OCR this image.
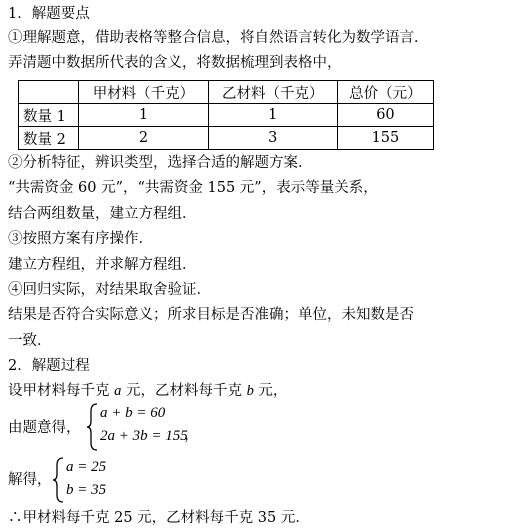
1．解题要点
①理解题意，借助表格等整合信息，将自然语言转化为数学语言．
弄清题中数据所代表的含义，将数据梳理到表格中，
	甲材料（千克）	乙材料（千克）	总价（元）
数量 1	1	1	60
数量 2	2	3	155
②分析特征，辨识类型，选择合适的解题方案．
“共需资金 60 元”，“共需资金 155 元”，表示等量关系，
结合两组数量，建立方程组．
③按照方案有序操作．
建立方程组，并求解方程组．
④回归实际，对结果取舍验证．
结果是否符合实际意义；所求目标是否准确；单位，未知数是否
一致．
2．解题过程
设甲材料每千克 a 元，乙材料每千克 b 元，
由题意得，
a + b = 60
2a + 3b = 155
，
解得，
a = 25
b = 35
∴甲材料每千克 25 元，乙材料每千克 35 元．
